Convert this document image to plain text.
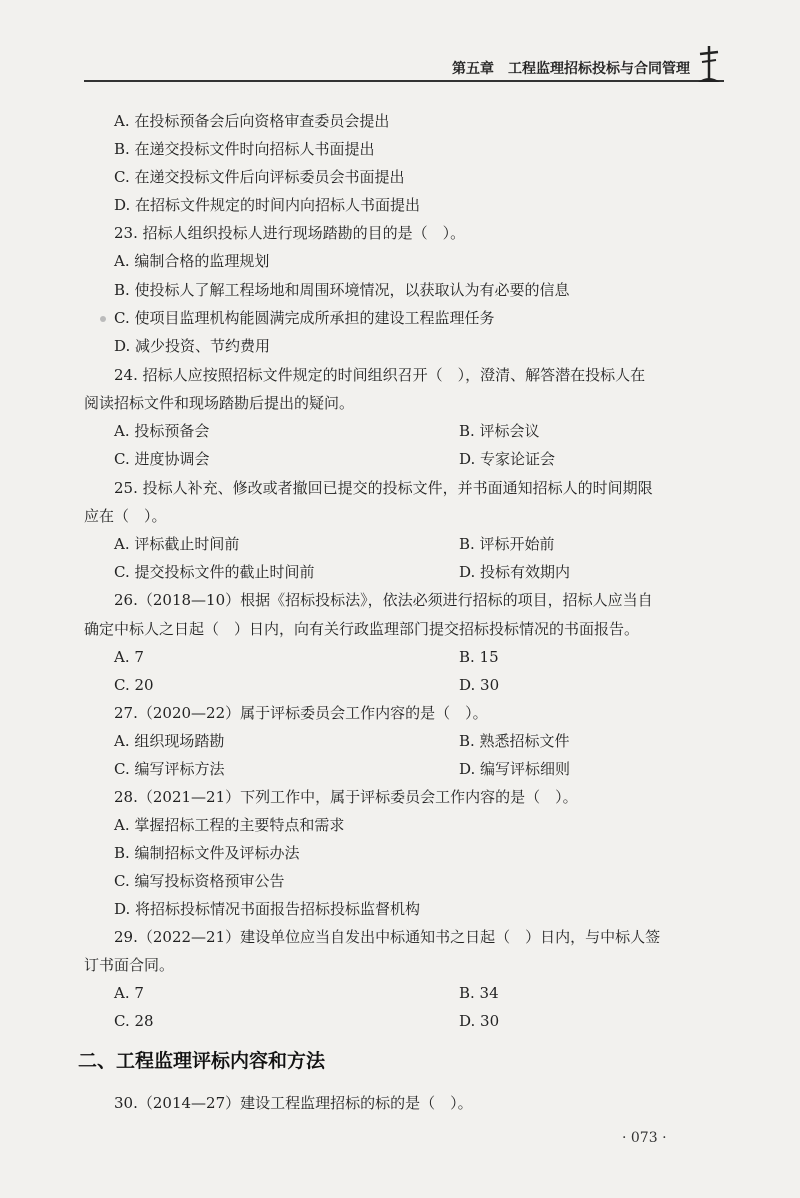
第五章　工程监理招标投标与合同管理
A. 在投标预备会后向资格审查委员会提出
B. 在递交投标文件时向招标人书面提出
C. 在递交投标文件后向评标委员会书面提出
D. 在招标文件规定的时间内向招标人书面提出
23. 招标人组织投标人进行现场踏勘的目的是（　）。
A. 编制合格的监理规划
B. 使投标人了解工程场地和周围环境情况，以获取认为有必要的信息
C. 使项目监理机构能圆满完成所承担的建设工程监理任务
D. 减少投资、节约费用
24. 招标人应按照招标文件规定的时间组织召开（　），澄清、解答潜在投标人在
阅读招标文件和现场踏勘后提出的疑问。
A. 投标预备会	B. 评标会议
C. 进度协调会	D. 专家论证会
25. 投标人补充、修改或者撤回已提交的投标文件，并书面通知招标人的时间期限
应在（　）。
A. 评标截止时间前	B. 评标开始前
C. 提交投标文件的截止时间前	D. 投标有效期内
26.（2018—10）根据《招标投标法》，依法必须进行招标的项目，招标人应当自
确定中标人之日起（　）日内，向有关行政监理部门提交招标投标情况的书面报告。
A. 7	B. 15
C. 20	D. 30
27.（2020—22）属于评标委员会工作内容的是（　）。
A. 组织现场踏勘	B. 熟悉招标文件
C. 编写评标方法	D. 编写评标细则
28.（2021—21）下列工作中，属于评标委员会工作内容的是（　）。
A. 掌握招标工程的主要特点和需求
B. 编制招标文件及评标办法
C. 编写投标资格预审公告
D. 将招标投标情况书面报告招标投标监督机构
29.（2022—21）建设单位应当自发出中标通知书之日起（　）日内，与中标人签
订书面合同。
A. 7	B. 34
C. 28	D. 30
二、工程监理评标内容和方法
30.（2014—27）建设工程监理招标的标的是（　）。
· 073 ·
